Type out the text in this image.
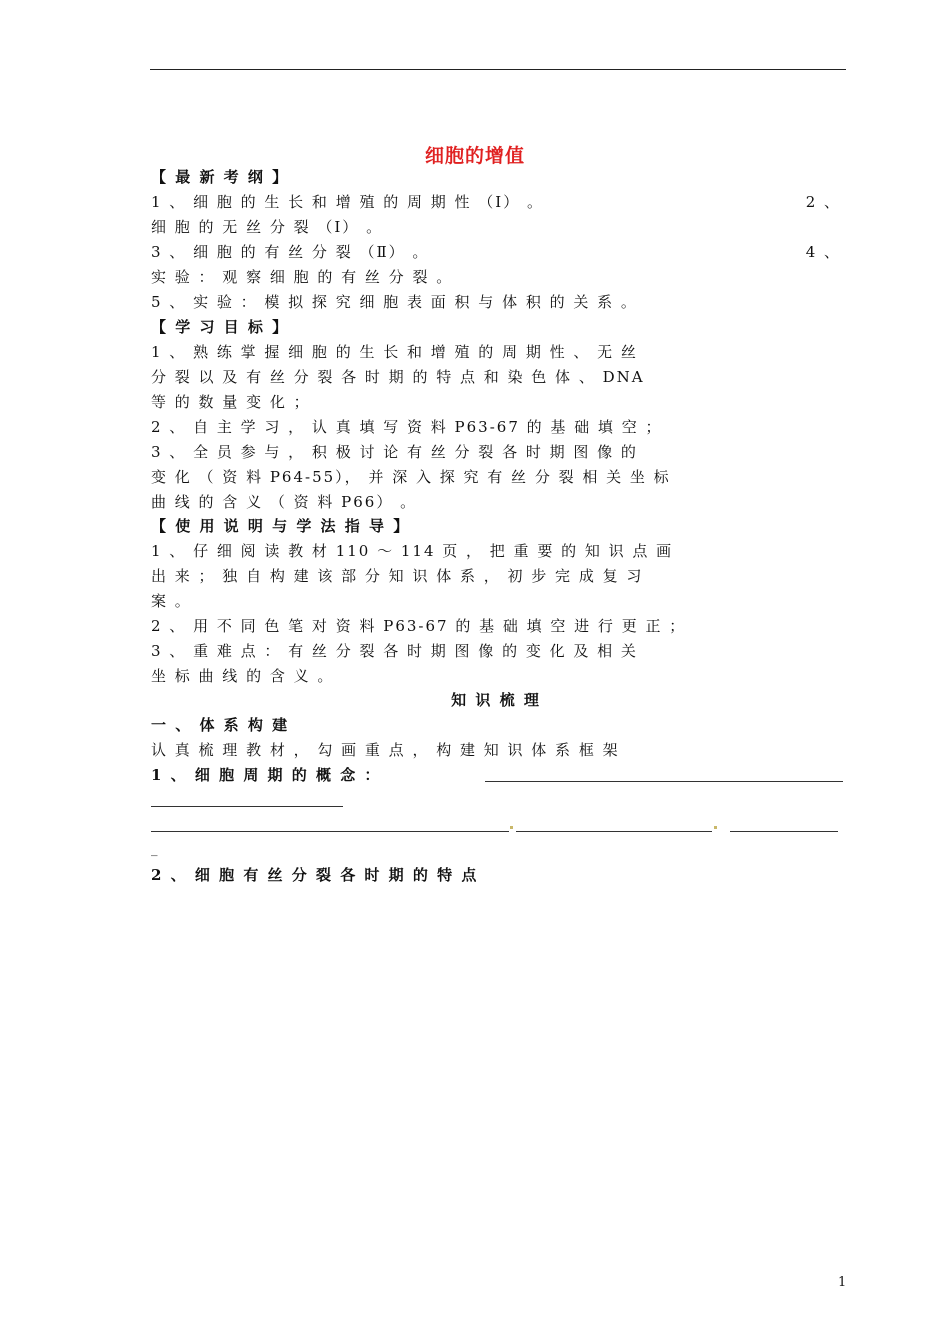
细胞的增值
【 最 新 考 纲 】
1 、 细 胞 的 生 长 和 增 殖 的 周 期 性 （Ⅰ） 。	2 、
细 胞 的 无 丝 分 裂 （Ⅰ） 。
3 、 细 胞 的 有 丝 分 裂 （Ⅱ） 。	4 、
实 验 ： 观 察 细 胞 的 有 丝 分 裂 。
5 、 实 验 ： 模 拟 探 究 细 胞 表 面 积 与 体 积 的 关 系 。
【 学 习 目 标 】
1 、 熟 练 掌 握 细 胞 的 生 长 和 增 殖 的 周 期 性 、 无 丝
分 裂 以 及 有 丝 分 裂 各 时 期 的 特 点 和 染 色 体 、 DNA
等 的 数 量 变 化 ；
2 、 自 主 学 习 ， 认 真 填 写 资 料 P63-67 的 基 础 填 空 ；
3 、 全 员 参 与 ， 积 极 讨 论 有 丝 分 裂 各 时 期 图 像 的
变 化 （ 资 料 P64-55）， 并 深 入 探 究 有 丝 分 裂 相 关 坐 标
曲 线 的 含 义 （ 资 料 P66） 。
【 使 用 说 明 与 学 法 指 导 】
1 、 仔 细 阅 读 教 材 110 ～ 114 页 ， 把 重 要 的 知 识 点 画
出 来 ； 独 自 构 建 该 部 分 知 识 体 系 ， 初 步 完 成 复 习
案 。
2 、 用 不 同 色 笔 对 资 料 P63-67 的 基 础 填 空 进 行 更 正 ；
3 、 重 难 点 ： 有 丝 分 裂 各 时 期 图 像 的 变 化 及 相 关
坐 标 曲 线 的 含 义 。
知 识 梳 理
一 、 体 系 构 建
认 真 梳 理 教 材 ， 勾 画 重 点 ， 构 建 知 识 体 系 框 架
1 、 细 胞 周 期 的 概 念 ：
_
2 、 细 胞 有 丝 分 裂 各 时 期 的 特 点
1
